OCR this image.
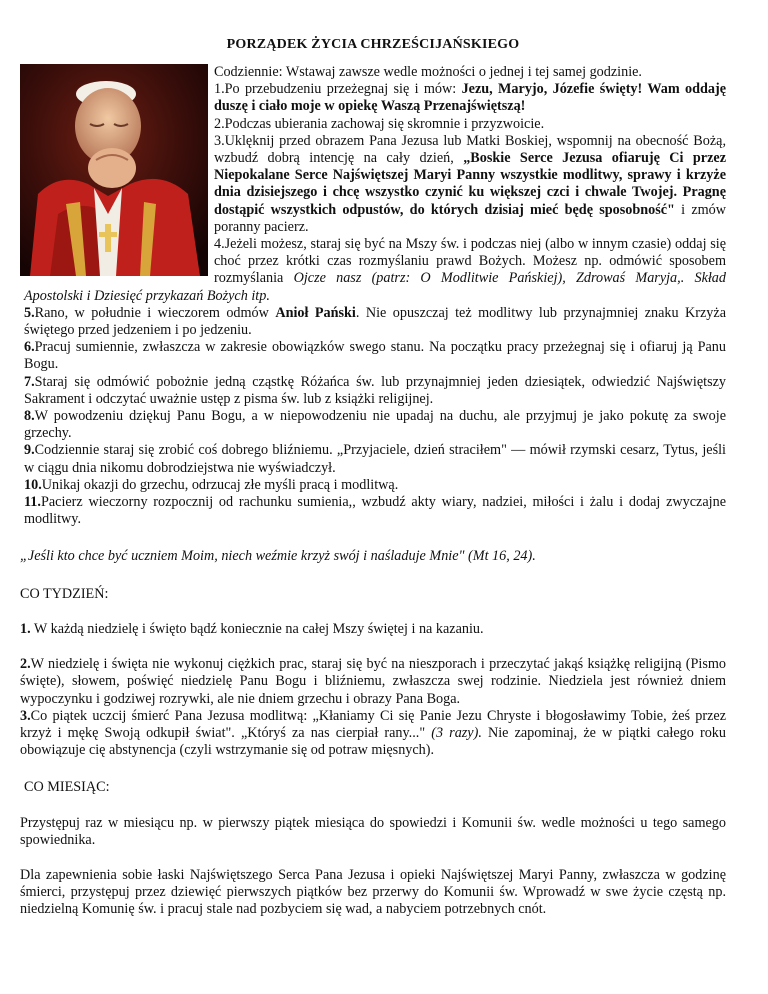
PORZĄDEK ŻYCIA CHRZEŚCIJAŃSKIEGO

Codziennie: Wstawaj zawsze wedle możności o jednej i tej samej godzinie.

1.Po przebudzeniu przeżegnaj się i mów: Jezu, Maryjo, Józefie święty! Wam oddaję duszę i ciało moje w opiekę Waszą Przenajświętszą!

2.Podczas ubierania zachowaj się skromnie i przyzwoicie.

3.Uklęknij przed obrazem Pana Jezusa lub Matki Boskiej, wspomnij na obecność Bożą, wzbudź dobrą intencję na cały dzień, „Boskie Serce Jezusa ofiaruję Ci przez Niepokalane Serce Najświętszej Maryi Panny wszystkie modlitwy, sprawy i krzyże dnia dzisiejszego i chcę wszystko czynić ku większej czci i chwale Twojej. Pragnę dostąpić wszystkich odpustów, do których dzisiaj mieć będę sposobność" i zmów poranny pacierz.

4.Jeżeli możesz, staraj się być na Mszy św. i podczas niej (albo w innym czasie) oddaj się choć przez krótki czas rozmyślaniu prawd Bożych. Możesz np. odmówić sposobem rozmyślania Ojcze nasz (patrz: O Modlitwie Pańskiej), Zdrowaś Maryja,. Skład Apostolski i Dziesięć przykazań Bożych itp.

5.Rano, w południe i wieczorem odmów Anioł Pański. Nie opuszczaj też modlitwy lub przynajmniej znaku Krzyża świętego przed jedzeniem i po jedzeniu.

6.Pracuj sumiennie, zwłaszcza w zakresie obowiązków swego stanu. Na początku pracy przeżegnaj się i ofiaruj ją Panu Bogu.

7.Staraj się odmówić pobożnie jedną cząstkę Różańca św. lub przynajmniej jeden dziesiątek, odwiedzić Najświętszy Sakrament i odczytać uważnie ustęp z pisma św. lub z książki religijnej.

8.W powodzeniu dziękuj Panu Bogu, a w niepowodzeniu nie upadaj na duchu, ale przyjmuj je jako pokutę za swoje grzechy.

9.Codziennie staraj się zrobić coś dobrego bliźniemu. „Przyjaciele, dzień straciłem" — mówił rzymski cesarz, Tytus, jeśli w ciągu dnia nikomu dobrodziejstwa nie wyświadczył.

10.Unikaj okazji do grzechu, odrzucaj złe myśli pracą i modlitwą.

11.Pacierz wieczorny rozpocznij od rachunku sumienia,, wzbudź akty wiary, nadziei, miłości i żalu i dodaj zwyczajne modlitwy.

„Jeśli kto chce być uczniem Moim, niech weźmie krzyż swój i naśladuje Mnie" (Mt 16, 24).

CO TYDZIEŃ:

1. W każdą niedzielę i święto bądź koniecznie na całej Mszy świętej i na kazaniu.

2.W niedzielę i święta nie wykonuj ciężkich prac, staraj się być na nieszporach i przeczytać jakąś książkę religijną (Pismo święte), słowem, poświęć niedzielę Panu Bogu i bliźniemu, zwłaszcza swej rodzinie. Niedziela jest również dniem wypoczynku i godziwej rozrywki, ale nie dniem grzechu i obrazy Pana Boga.

3.Co piątek uczcij śmierć Pana Jezusa modlitwą: „Kłaniamy Ci się Panie Jezu Chryste i błogosławimy Tobie, żeś przez krzyż i mękę Swoją odkupił świat". „Któryś za nas cierpiał rany..." (3 razy). Nie zapominaj, że w piątki całego roku obowiązuje cię abstynencja (czyli wstrzymanie się od potraw mięsnych).

CO MIESIĄC:

Przystępuj raz w miesiącu np. w pierwszy piątek miesiąca do spowiedzi i Komunii św. wedle możności u tego samego spowiednika.

Dla zapewnienia sobie łaski Najświętszego Serca Pana Jezusa i opieki Najświętszej Maryi Panny, zwłaszcza w godzinę śmierci, przystępuj przez dziewięć pierwszych piątków bez przerwy do Komunii św. Wprowadź w swe życie częstą np. niedzielną Komunię św. i pracuj stale nad pozbyciem się wad, a nabyciem potrzebnych cnót.
